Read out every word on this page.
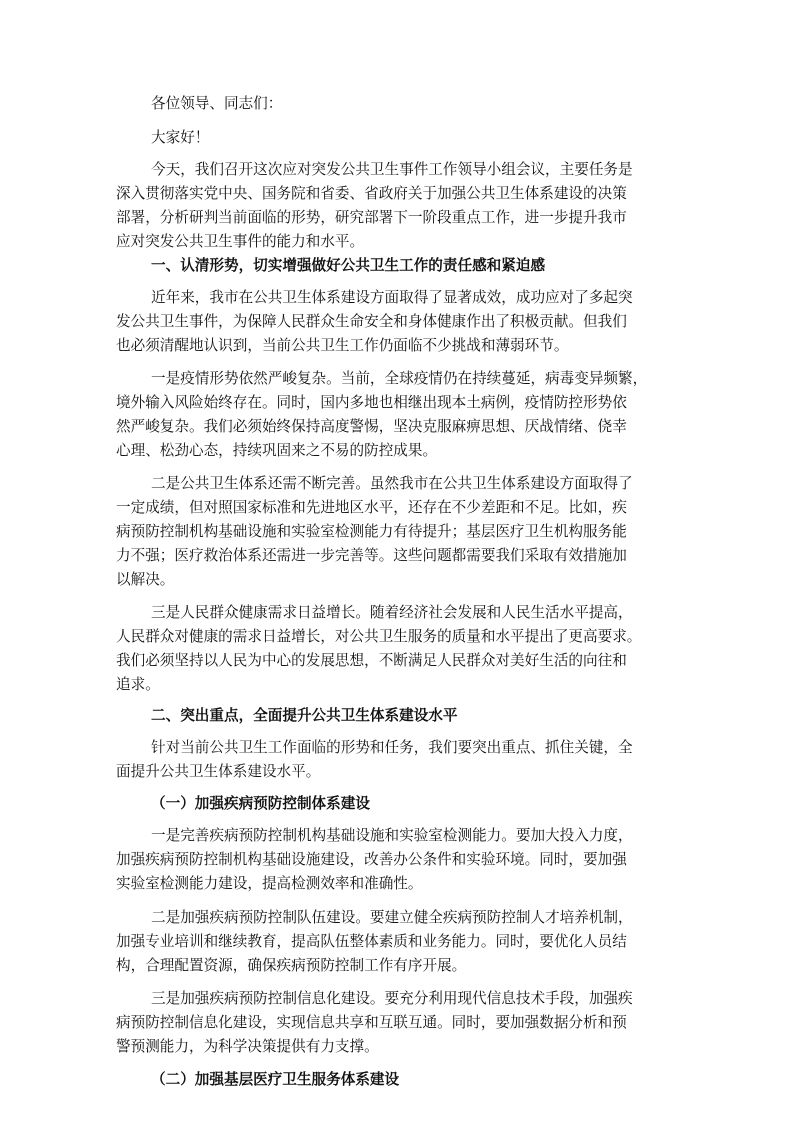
各位领导、同志们：

大家好！

今天，我们召开这次应对突发公共卫生事件工作领导小组会议，主要任务是

深入贯彻落实党中央、国务院和省委、省政府关于加强公共卫生体系建设的决策

部署，分析研判当前面临的形势，研究部署下一阶段重点工作，进一步提升我市

应对突发公共卫生事件的能力和水平。

一、认清形势，切实增强做好公共卫生工作的责任感和紧迫感

近年来，我市在公共卫生体系建设方面取得了显著成效，成功应对了多起突

发公共卫生事件，为保障人民群众生命安全和身体健康作出了积极贡献。但我们

也必须清醒地认识到，当前公共卫生工作仍面临不少挑战和薄弱环节。

一是疫情形势依然严峻复杂。当前，全球疫情仍在持续蔓延，病毒变异频繁，

境外输入风险始终存在。同时，国内多地也相继出现本土病例，疫情防控形势依

然严峻复杂。我们必须始终保持高度警惕，坚决克服麻痹思想、厌战情绪、侥幸

心理、松劲心态，持续巩固来之不易的防控成果。

二是公共卫生体系还需不断完善。虽然我市在公共卫生体系建设方面取得了

一定成绩，但对照国家标准和先进地区水平，还存在不少差距和不足。比如，疾

病预防控制机构基础设施和实验室检测能力有待提升；基层医疗卫生机构服务能

力不强；医疗救治体系还需进一步完善等。这些问题都需要我们采取有效措施加

以解决。

三是人民群众健康需求日益增长。随着经济社会发展和人民生活水平提高，

人民群众对健康的需求日益增长，对公共卫生服务的质量和水平提出了更高要求。

我们必须坚持以人民为中心的发展思想，不断满足人民群众对美好生活的向往和

追求。

二、突出重点，全面提升公共卫生体系建设水平

针对当前公共卫生工作面临的形势和任务，我们要突出重点、抓住关键，全

面提升公共卫生体系建设水平。

（一）加强疾病预防控制体系建设

一是完善疾病预防控制机构基础设施和实验室检测能力。要加大投入力度，

加强疾病预防控制机构基础设施建设，改善办公条件和实验环境。同时，要加强

实验室检测能力建设，提高检测效率和准确性。

二是加强疾病预防控制队伍建设。要建立健全疾病预防控制人才培养机制，

加强专业培训和继续教育，提高队伍整体素质和业务能力。同时，要优化人员结

构，合理配置资源，确保疾病预防控制工作有序开展。

三是加强疾病预防控制信息化建设。要充分利用现代信息技术手段，加强疾

病预防控制信息化建设，实现信息共享和互联互通。同时，要加强数据分析和预

警预测能力，为科学决策提供有力支撑。

（二）加强基层医疗卫生服务体系建设
